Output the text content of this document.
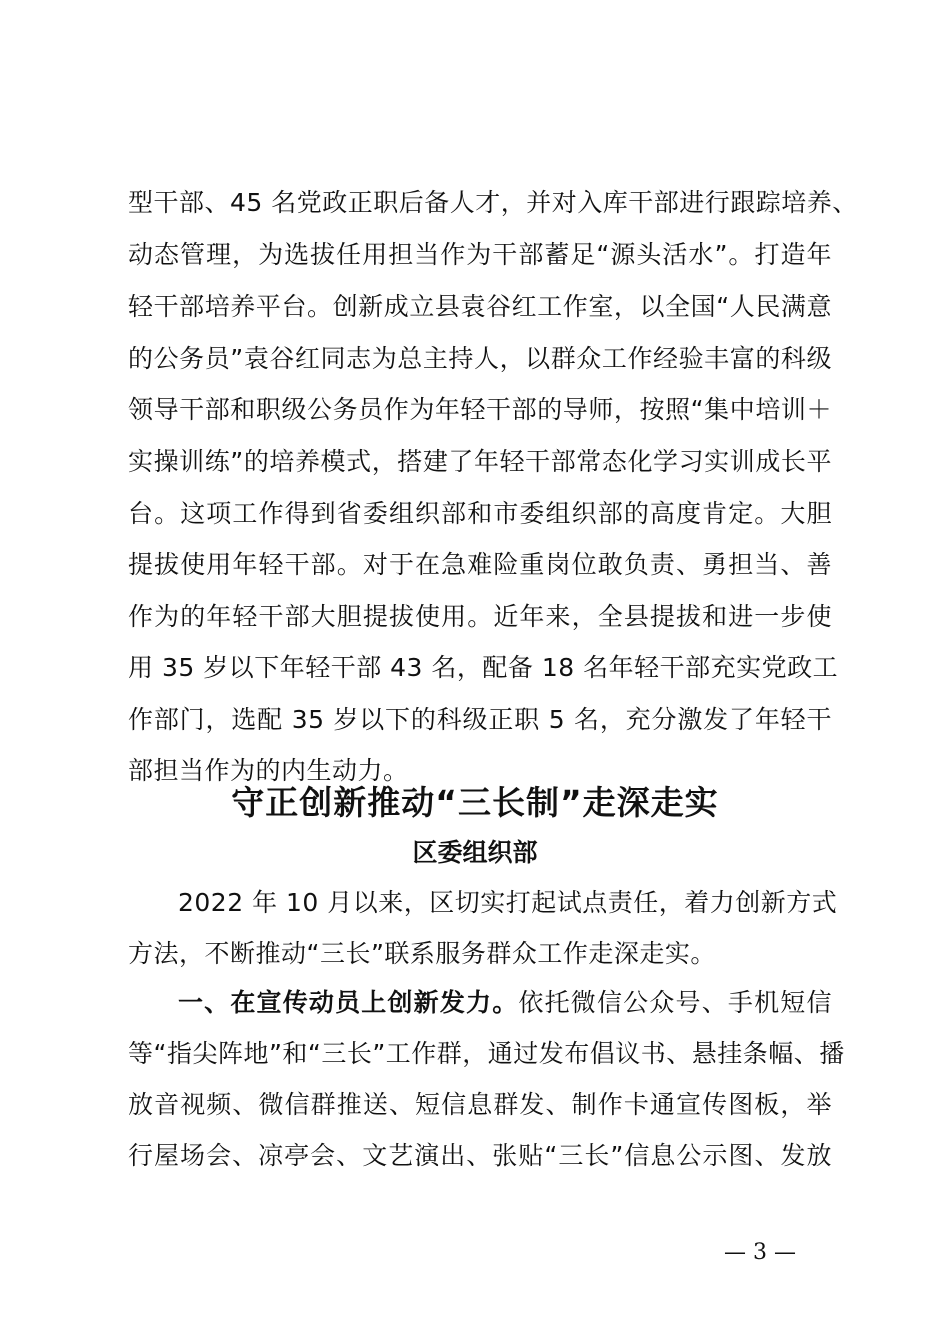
型干部、45 名党政正职后备人才，并对入库干部进行跟踪培养、
动态管理，为选拔任用担当作为干部蓄足“源头活水”。打造年
轻干部培养平台。创新成立县袁谷红工作室，以全国“人民满意
的公务员”袁谷红同志为总主持人，以群众工作经验丰富的科级
领导干部和职级公务员作为年轻干部的导师，按照“集中培训＋
实操训练”的培养模式，搭建了年轻干部常态化学习实训成长平
台。这项工作得到省委组织部和市委组织部的高度肯定。大胆
提拔使用年轻干部。对于在急难险重岗位敢负责、勇担当、善
作为的年轻干部大胆提拔使用。近年来，全县提拔和进一步使
用 35 岁以下年轻干部 43 名，配备 18 名年轻干部充实党政工
作部门，选配 35 岁以下的科级正职 5 名，充分激发了年轻干
部担当作为的内生动力。
守正创新推动“三长制”走深走实
区委组织部
2022 年 10 月以来，区切实打起试点责任，着力创新方式
方法，不断推动“三长”联系服务群众工作走深走实。
一、在宣传动员上创新发力。依托微信公众号、手机短信
等“指尖阵地”和“三长”工作群，通过发布倡议书、悬挂条幅、播
放音视频、微信群推送、短信息群发、制作卡通宣传图板，举
行屋场会、凉亭会、文艺演出、张贴“三长”信息公示图、发放
— 3 —
